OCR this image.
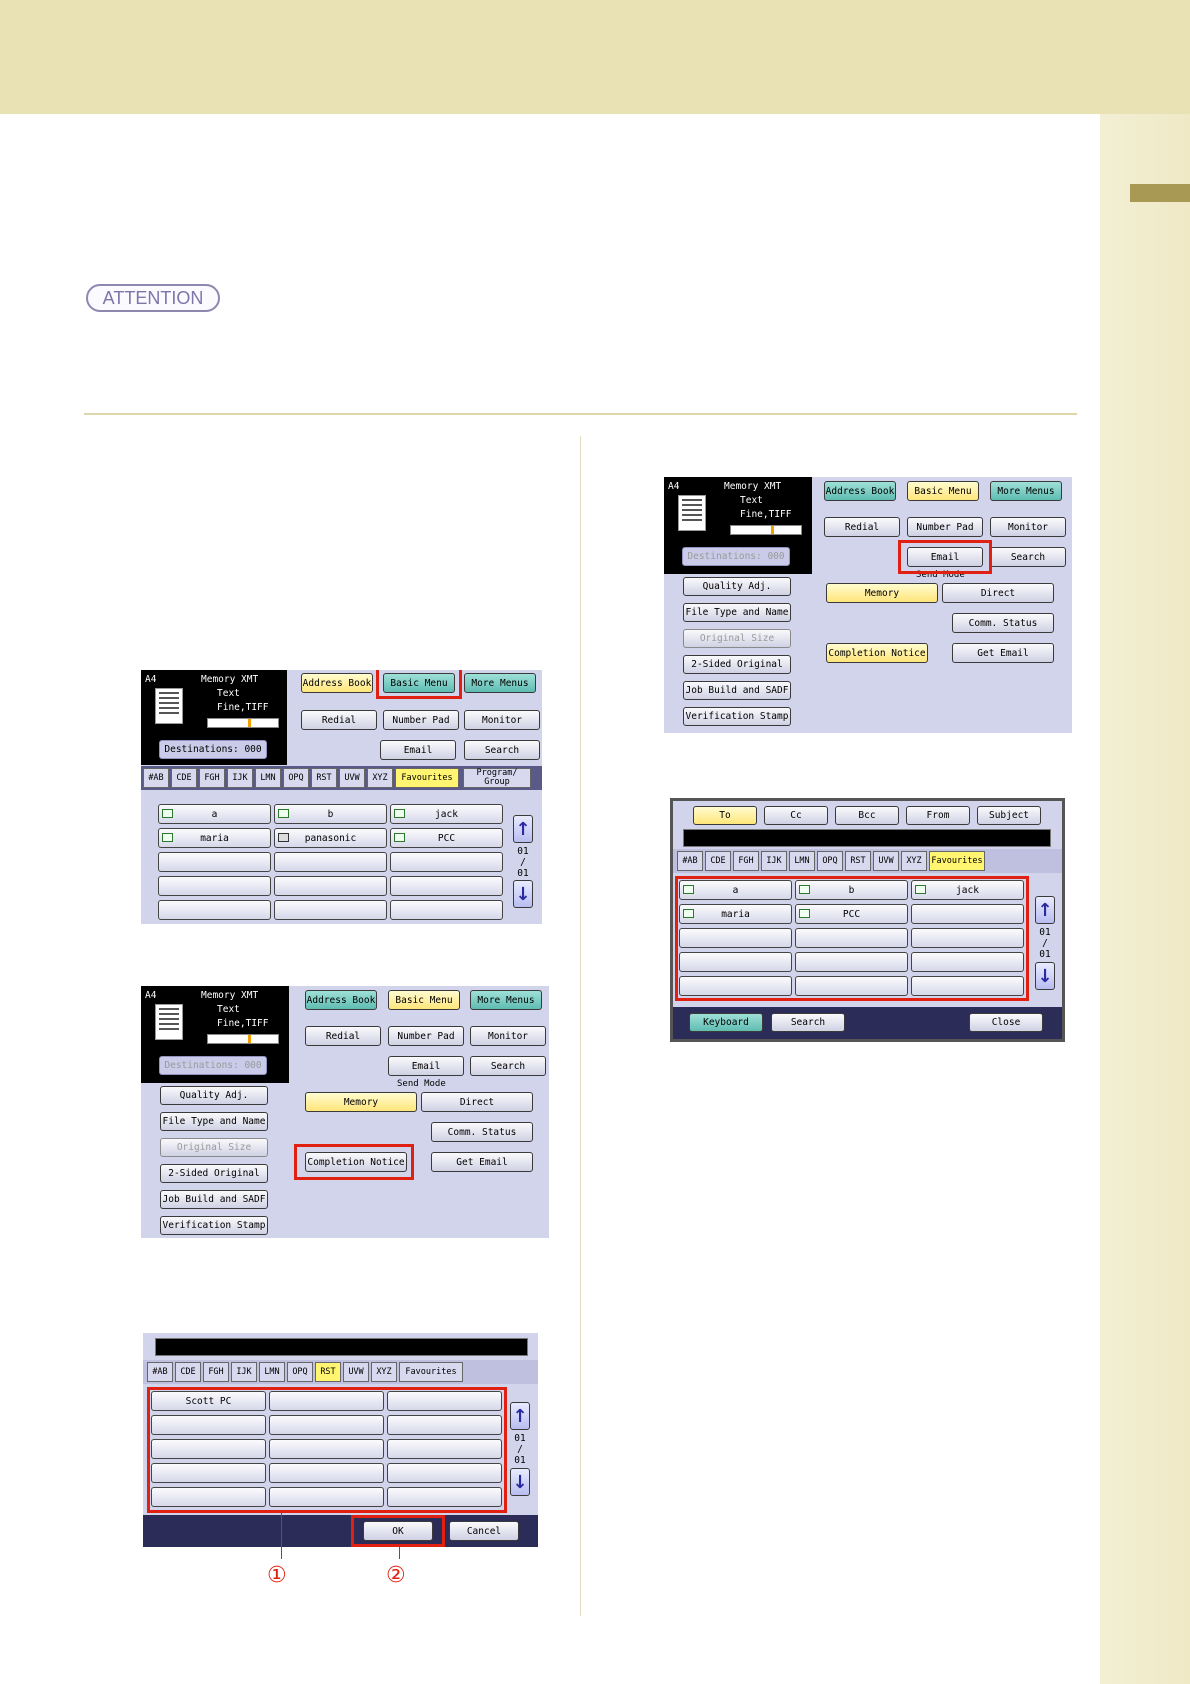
ATTENTION
A4	Memory XMT
Text
Fine,TIFF
Destinations: 000
Address Book	Basic Menu	More Menus
Redial	Number Pad	Monitor
Email	Search
#AB	CDE	FGH	IJK	LMN	OPQ	RST	UVW	XYZ	Favourites	Program/
Group
a	b	jack
maria	panasonic	PCC	↑
01
/
01
↓
A4	Memory XMT
Text
Fine,TIFF
Destinations: 000
Address Book	Basic Menu	More Menus
Redial	Number Pad	Monitor
Email	Search
Send Mode
Memory	Direct
Comm. Status
Completion Notice	Get Email
Quality Adj.
File Type and Name
Original Size
2-Sided Original
Job Build and SADF
Verification Stamp
#AB	CDE	FGH	IJK	LMN	OPQ	RST	UVW	XYZ	Favourites
Scott PC
↑
01
/
01
↓
OK	Cancel
①	②
A4	Memory XMT
Text
Fine,TIFF
Destinations: 000
Address Book	Basic Menu	More Menus
Redial	Number Pad	Monitor
Email	Search
Send Mode
Memory	Direct
Comm. Status
Completion Notice	Get Email
Quality Adj.
File Type and Name
Original Size
2-Sided Original
Job Build and SADF
Verification Stamp
To	Cc	Bcc	From	Subject
#AB	CDE	FGH	IJK	LMN	OPQ	RST	UVW	XYZ	Favourites
a	b	jack
maria	PCC	↑
01
/
01
↓
Keyboard	Search	Close
